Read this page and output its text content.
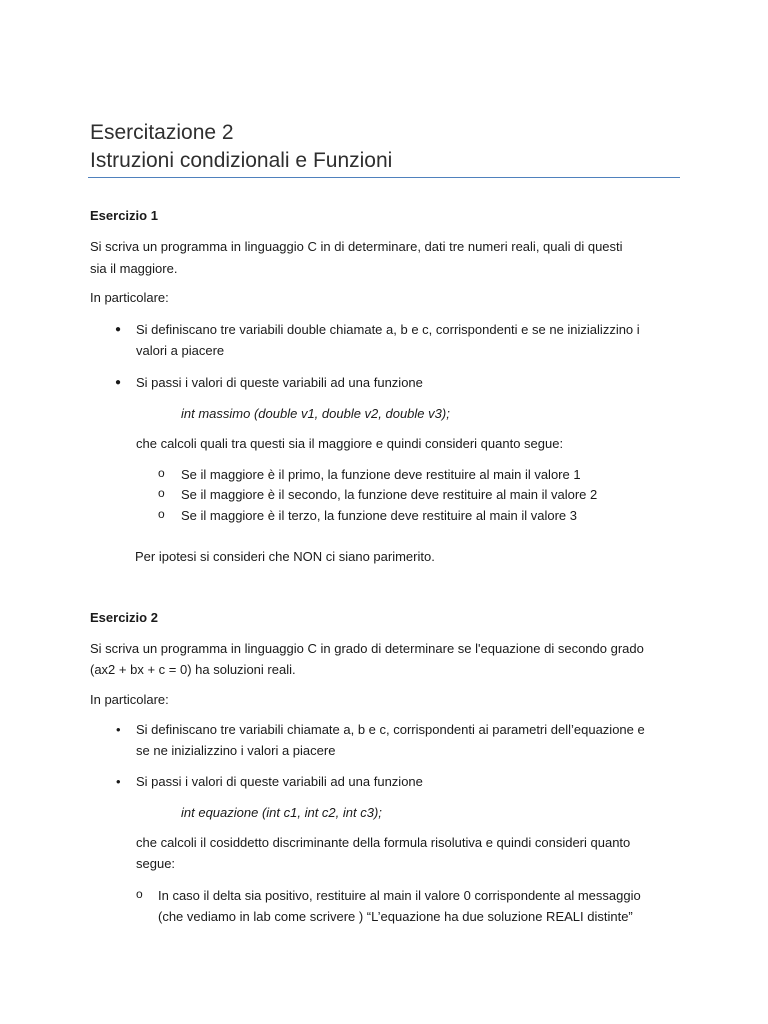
Esercitazione 2
Istruzioni condizionali e Funzioni
Esercizio 1
Si scriva un programma in linguaggio C in di determinare, dati tre numeri reali, quali di questi
sia il maggiore.
In particolare:
● Si definiscano tre variabili double chiamate a, b e c, corrispondenti e se ne inizializzino i
valori a piacere
● Si passi i valori di queste variabili ad una funzione
int massimo (double v1, double v2, double v3);
che calcoli quali tra questi sia il maggiore e quindi consideri quanto segue:
o Se il maggiore è il primo, la funzione deve restituire al main il valore 1
o Se il maggiore è il secondo, la funzione deve restituire al main il valore 2
o Se il maggiore è il terzo, la funzione deve restituire al main il valore 3
Per ipotesi si consideri che NON ci siano parimerito.
Esercizio 2
Si scriva un programma in linguaggio C in grado di determinare se l'equazione di secondo grado
(ax2 + bx + c = 0) ha soluzioni reali.
In particolare:
• Si definiscano tre variabili chiamate a, b e c, corrispondenti ai parametri dell’equazione e
se ne inizializzino i valori a piacere
• Si passi i valori di queste variabili ad una funzione
int equazione (int c1, int c2, int c3);
che calcoli il cosiddetto discriminante della formula risolutiva e quindi consideri quanto
segue:
o In caso il delta sia positivo, restituire al main il valore 0 corrispondente al messaggio
(che vediamo in lab come scrivere ) “L’equazione ha due soluzione REALI distinte”
